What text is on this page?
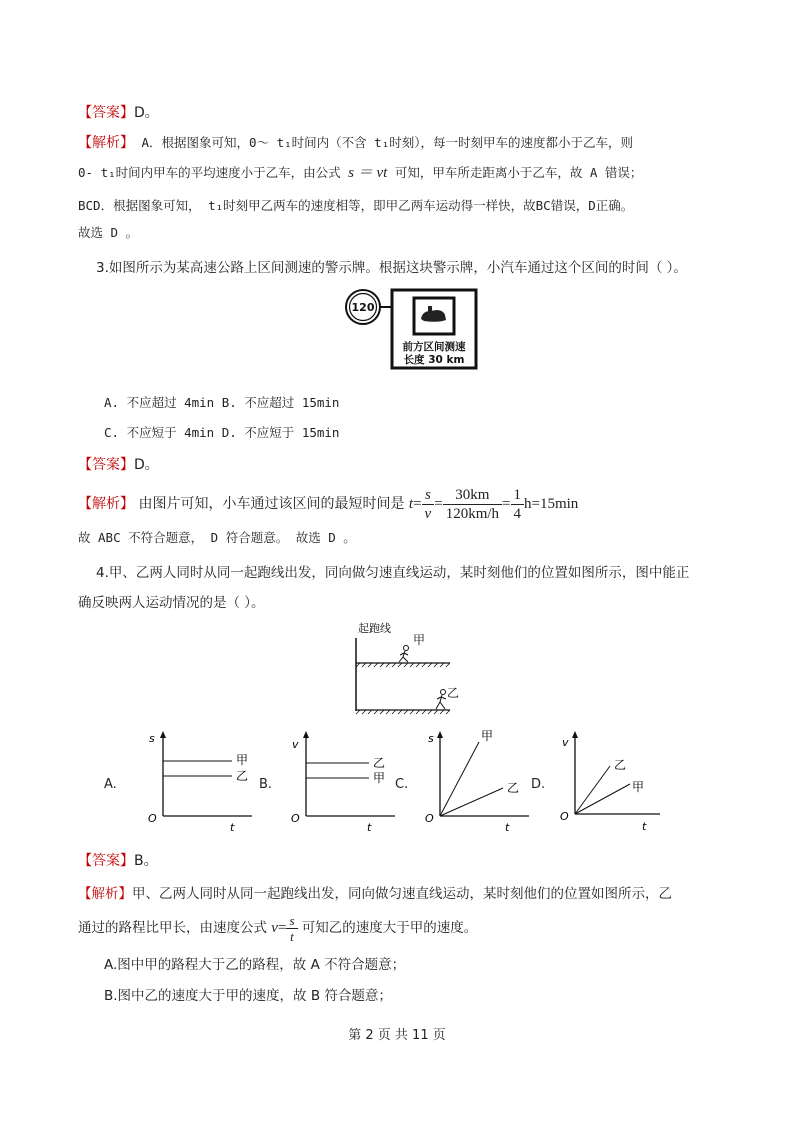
【答案】D。
【解析】 A．根据图象可知，0～ t₁时间内（不含 t₁时刻），每一时刻甲车的速度都小于乙车，则
0- t₁时间内甲车的平均速度小于乙车，由公式 s ＝ vt 可知，甲车所走距离小于乙车，故 A 错误；
BCD．根据图象可知， t₁时刻甲乙两车的速度相等，即甲乙两车运动得一样快，故BC错误，D正确。
故选 D 。
3.如图所示为某高速公路上区间测速的警示牌。根据这块警示牌，小汽车通过这个区间的时间（ ）。
120
前方区间测速
长度 30 km
A. 不应超过 4min B. 不应超过 15min
C. 不应短于 4min D. 不应短于 15min
【答案】D。
【解析】 由图片可知，小车通过该区间的最短时间是 $t= \frac{s}{v} = \frac{30km}{120km/h} = \frac{1}{4} h=15\min$
故 ABC 不符合题意， D 符合题意。 故选 D 。
4.甲、乙两人同时从同一起跑线出发，同向做匀速直线运动，某时刻他们的位置如图所示，图中能正
确反映两人运动情况的是（ ）。
起跑线
甲
乙
A.
s
O
t
甲
乙
B.
v
O
t
乙
甲 C.
s
O
t
甲
乙 D.
v
O
t
乙
甲
【答案】B。
【解析】甲、乙两人同时从同一起跑线出发，同向做匀速直线运动，某时刻他们的位置如图所示，乙
通过的路程比甲长，由速度公式 $v= \frac{s}{t}$ 可知乙的速度大于甲的速度。
A.图中甲的路程大于乙的路程，故 A 不符合题意；
B.图中乙的速度大于甲的速度，故 B 符合题意；
第 2 页 共 11 页
